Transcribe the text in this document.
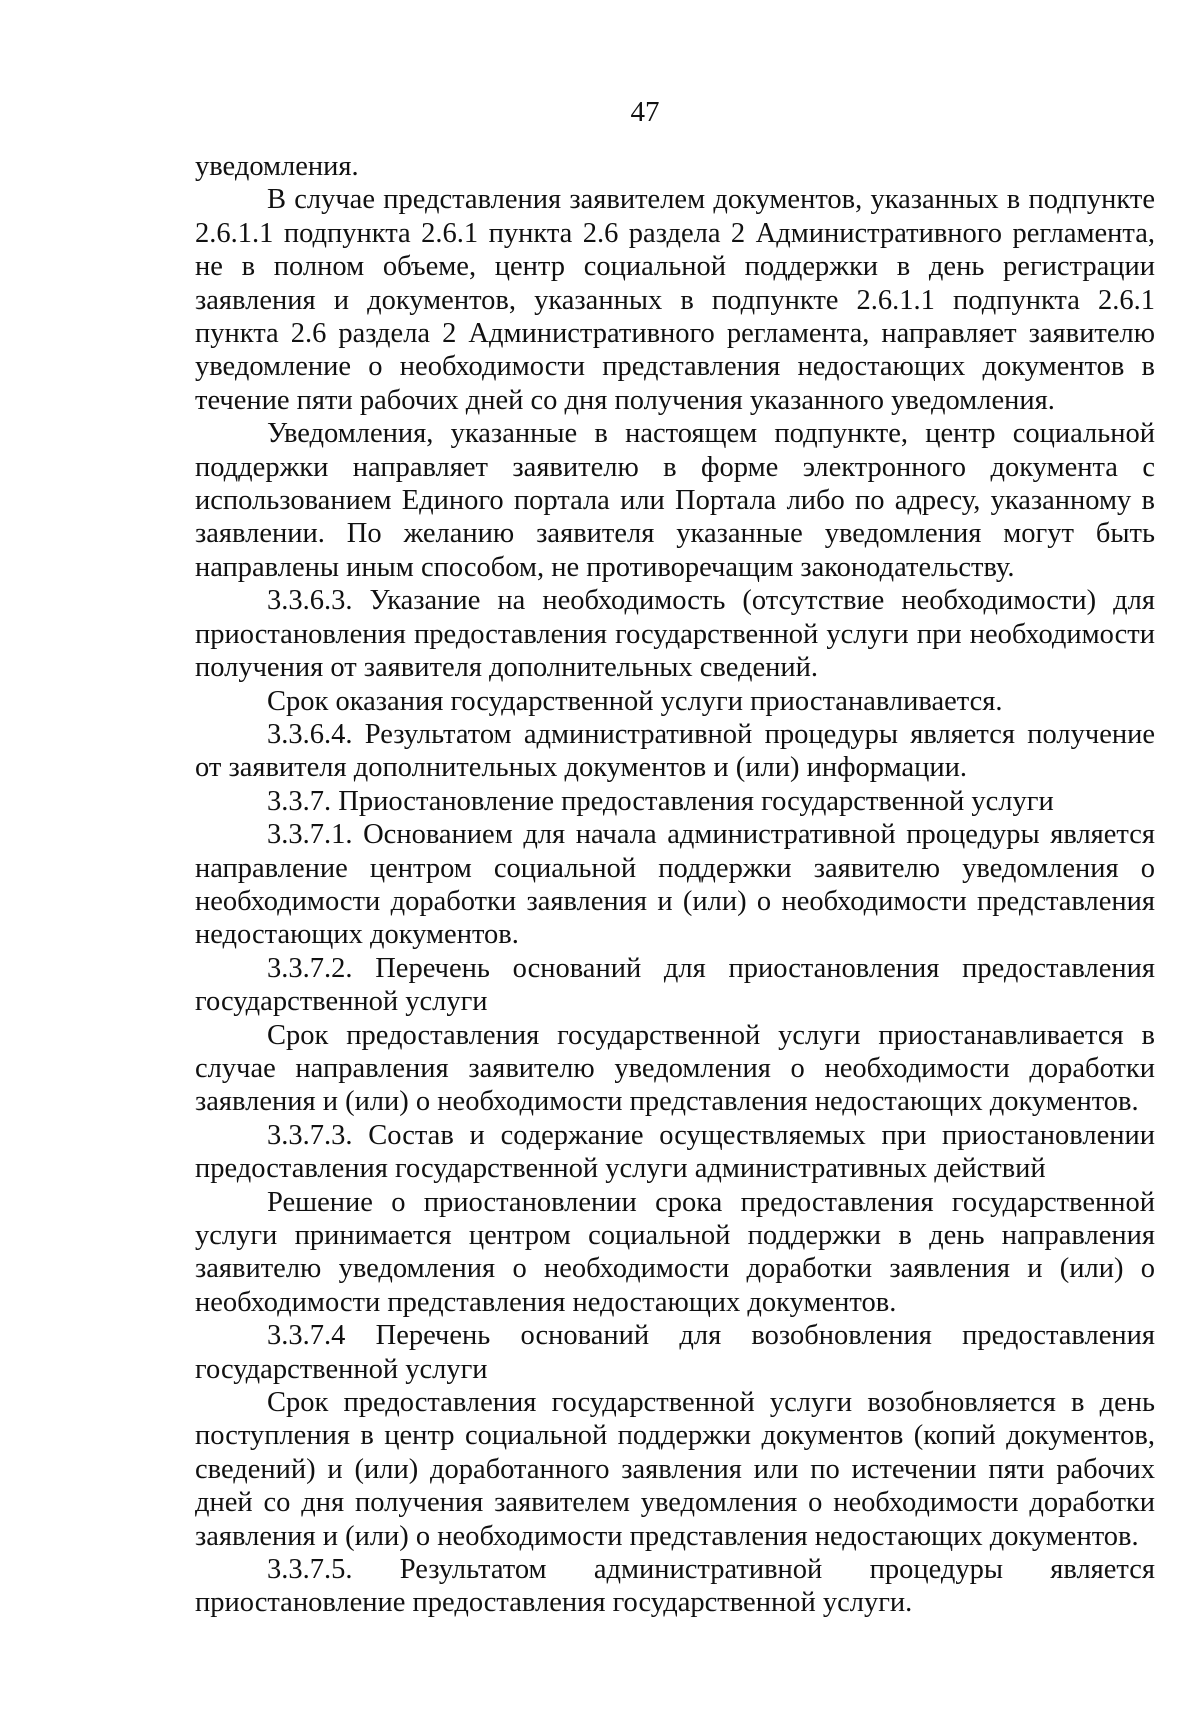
47

уведомления.

В случае представления заявителем документов, указанных в подпункте 2.6.1.1 подпункта 2.6.1 пункта 2.6 раздела 2 Административного регламента, не в полном объеме, центр социальной поддержки в день регистрации заявления и документов, указанных в подпункте 2.6.1.1 подпункта 2.6.1 пункта 2.6 раздела 2 Административного регламента, направляет заявителю уведомление о необходимости представления недостающих документов в течение пяти рабочих дней со дня получения указанного уведомления.

Уведомления, указанные в настоящем подпункте, центр социальной поддержки направляет заявителю в форме электронного документа с использованием Единого портала или Портала либо по адресу, указанному в заявлении. По желанию заявителя указанные уведомления могут быть направлены иным способом, не противоречащим законодательству.

3.3.6.3. Указание на необходимость (отсутствие необходимости) для приостановления предоставления государственной услуги при необходимости получения от заявителя дополнительных сведений.

Срок оказания государственной услуги приостанавливается.

3.3.6.4. Результатом административной процедуры является получение от заявителя дополнительных документов и (или) информации.

3.3.7. Приостановление предоставления государственной услуги

3.3.7.1. Основанием для начала административной процедуры является направление центром социальной поддержки заявителю уведомления о необходимости доработки заявления и (или) о необходимости представления недостающих документов.

3.3.7.2. Перечень оснований для приостановления предоставления государственной услуги

Срок предоставления государственной услуги приостанавливается в случае направления заявителю уведомления о необходимости доработки заявления и (или) о необходимости представления недостающих документов.

3.3.7.3. Состав и содержание осуществляемых при приостановлении предоставления государственной услуги административных действий

Решение о приостановлении срока предоставления государственной услуги принимается центром социальной поддержки в день направления заявителю уведомления о необходимости доработки заявления и (или) о необходимости представления недостающих документов.

3.3.7.4 Перечень оснований для возобновления предоставления государственной услуги

Срок предоставления государственной услуги возобновляется в день поступления в центр социальной поддержки документов (копий документов, сведений) и (или) доработанного заявления или по истечении пяти рабочих дней со дня получения заявителем уведомления о необходимости доработки заявления и (или) о необходимости представления недостающих документов.

3.3.7.5. Результатом административной процедуры является приостановление предоставления государственной услуги.
